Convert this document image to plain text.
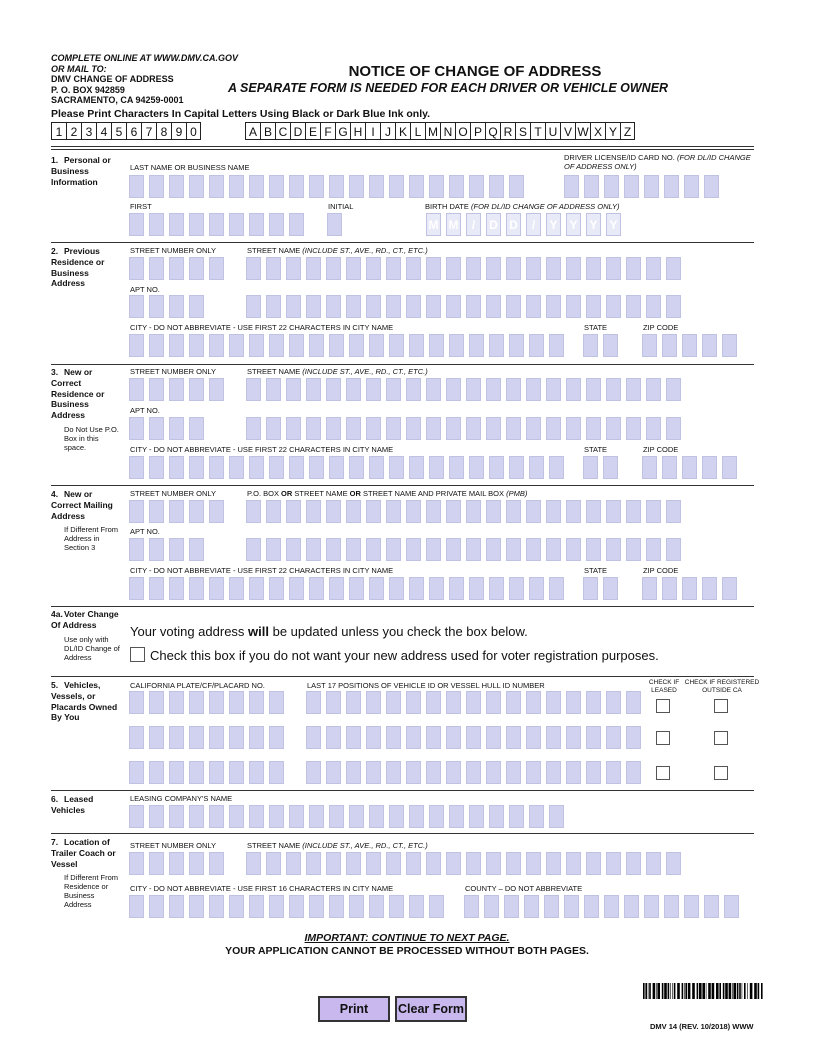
COMPLETE ONLINE AT WWW.DMV.CA.GOV
OR MAIL TO:
DMV CHANGE OF ADDRESS
P. O. BOX 942859
SACRAMENTO, CA 94259-0001
NOTICE OF CHANGE OF ADDRESS
A SEPARATE FORM IS NEEDED FOR EACH DRIVER OR VEHICLE OWNER
Please Print Characters In Capital Letters Using Black or Dark Blue Ink only.
1 2 3 4 5 6 7 8 9 0	A B C D E F G H I J K L M N O P Q R S T U V W X Y Z
1. Personal or Business Information
LAST NAME OR BUSINESS NAME
DRIVER LICENSE/ID CARD NO. (FOR DL/ID CHANGE OF ADDRESS ONLY)
FIRST	INITIAL	BIRTH DATE (FOR DL/ID CHANGE OF ADDRESS ONLY)
M M	/	D D	/	Y Y Y Y
2. Previous Residence or Business Address
STREET NUMBER ONLY	STREET NAME (INCLUDE ST., AVE., RD., CT., ETC.)
APT NO.
CITY - DO NOT ABBREVIATE - USE FIRST 22 CHARACTERS IN CITY NAME	STATE	ZIP CODE
3. New or Correct Residence or Business Address
Do Not Use P.O. Box in this space.
STREET NUMBER ONLY	STREET NAME (INCLUDE ST., AVE., RD., CT., ETC.)
APT NO.
CITY - DO NOT ABBREVIATE - USE FIRST 22 CHARACTERS IN CITY NAME	STATE	ZIP CODE
4. New or Correct Mailing Address
If Different From Address in Section 3
STREET NUMBER ONLY	P.O. BOX OR STREET NAME OR STREET NAME AND PRIVATE MAIL BOX (PMB)
APT NO.
CITY - DO NOT ABBREVIATE - USE FIRST 22 CHARACTERS IN CITY NAME	STATE	ZIP CODE
4a.Voter Change Of Address
Use only with DL/ID Change of Address
Your voting address will be updated unless you check the box below.
Check this box if you do not want your new address used for voter registration purposes.
5. Vehicles, Vessels, or Placards Owned By You
CALIFORNIA PLATE/CF/PLACARD NO.	LAST 17 POSITIONS OF VEHICLE ID OR VESSEL HULL ID NUMBER	CHECK IF
LEASED
CHECK IF REGISTERED
OUTSIDE CA
6. Leased Vehicles
LEASING COMPANY'S NAME
7. Location of Trailer Coach or Vessel
If Different From Residence or Business Address
STREET NUMBER ONLY	STREET NAME (INCLUDE ST., AVE., RD., CT., ETC.)
CITY - DO NOT ABBREVIATE - USE FIRST 16 CHARACTERS IN CITY NAME	COUNTY – DO NOT ABBREVIATE
IMPORTANT: CONTINUE TO NEXT PAGE.
YOUR APPLICATION CANNOT BE PROCESSED WITHOUT BOTH PAGES.
Print	Clear Form
DMV 14 (REV. 10/2018) WWW
